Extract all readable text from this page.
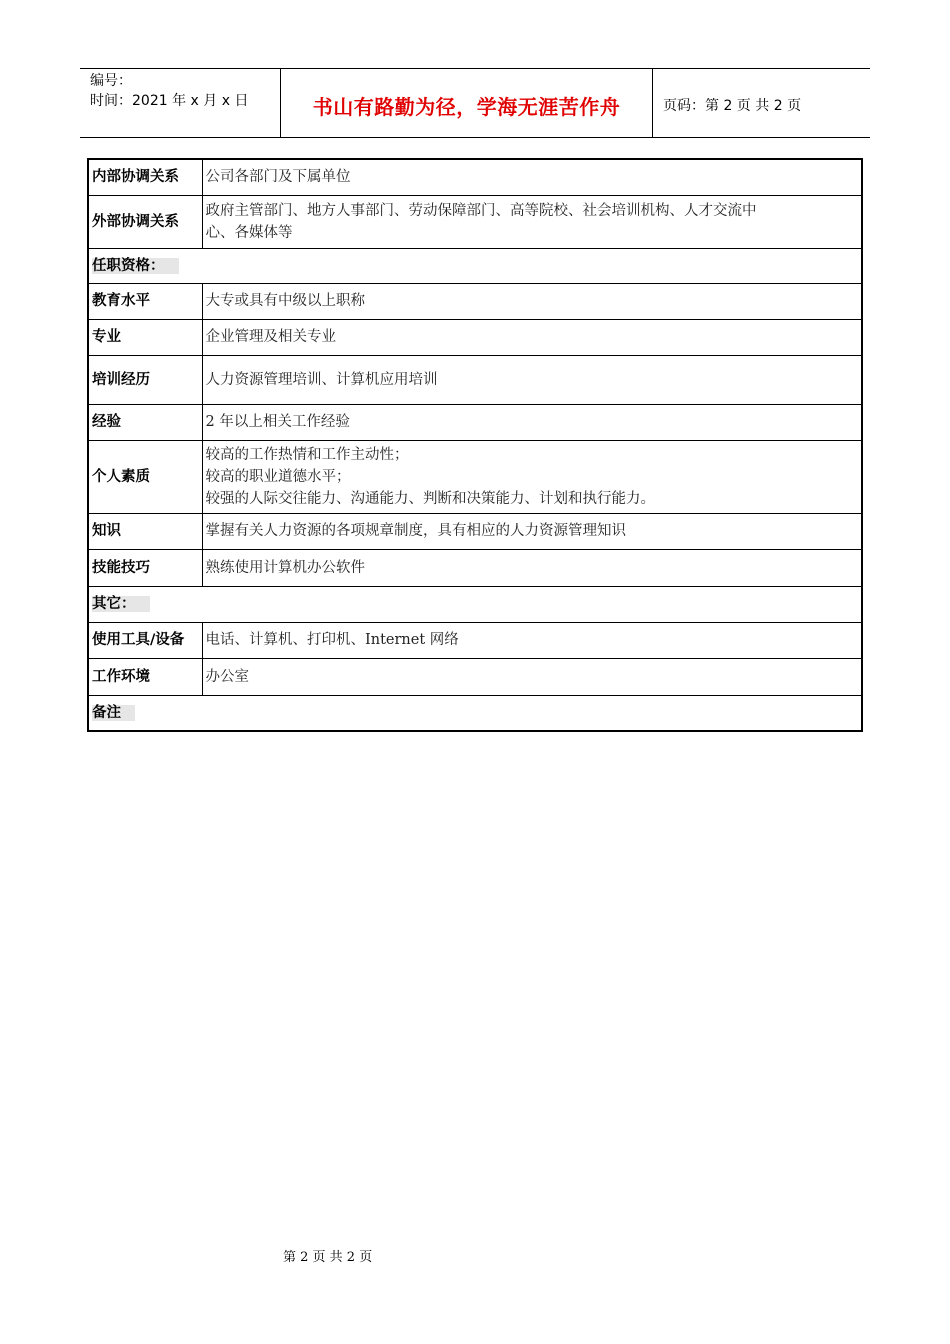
编号：
时间：2021 年 x 月 x 日	书山有路勤为径，学海无涯苦作舟	页码：第 2 页 共 2 页
内部协调关系	公司各部门及下属单位
外部协调关系	政府主管部门、地方人事部门、劳动保障部门、高等院校、社会培训机构、人才交流中
心、各媒体等

任职资格：	
教育水平	大专或具有中级以上职称
专业	企业管理及相关专业
培训经历	人力资源管理培训、计算机应用培训
经验	2 年以上相关工作经验
个人素质	较高的工作热情和工作主动性；
较高的职业道德水平；
较强的人际交往能力、沟通能力、判断和决策能力、计划和执行能力。

知识	掌握有关人力资源的各项规章制度，具有相应的人力资源管理知识
技能技巧	熟练使用计算机办公软件
其它：	
使用工具/设备	电话、计算机、打印机、Internet 网络
工作环境	办公室
备注	
第 2 页 共 2 页
